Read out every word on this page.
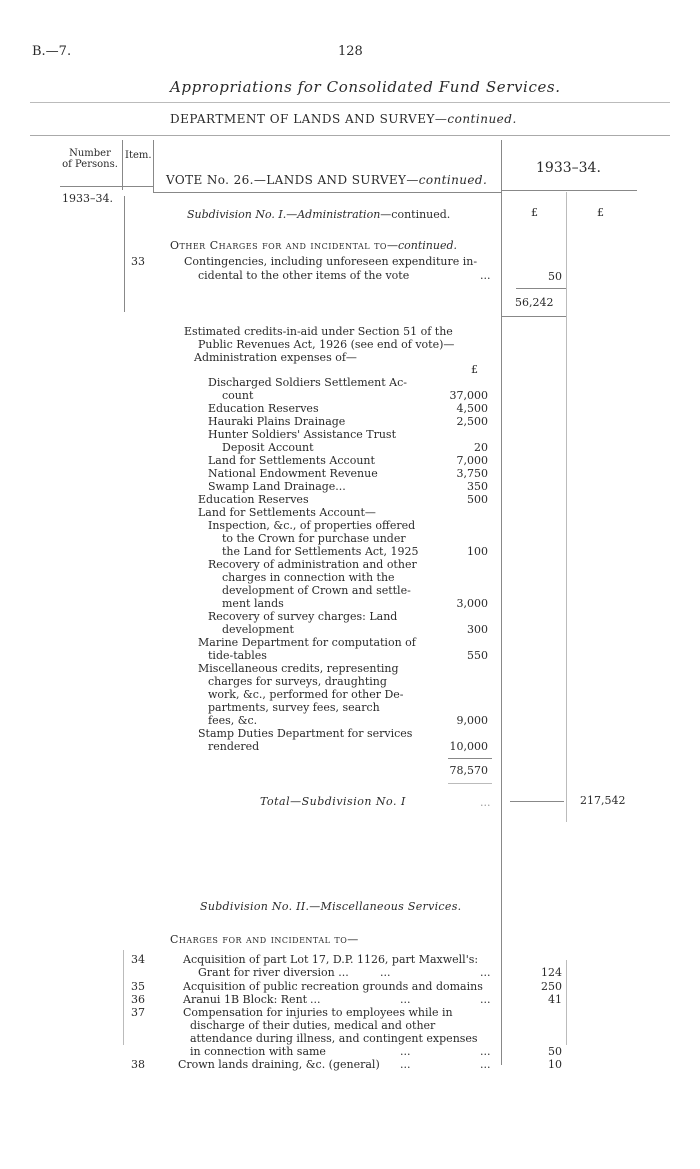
B.—7.	128
Appropriations for Consolidated Fund Services.
DEPARTMENT OF LANDS AND SURVEY—continued.
Number
of Persons.
Item.
1933–34.
VOTE No. 26.—LANDS AND SURVEY—continued.
1933–34.
Subdivision No. I.—Administration—continued.	£	£
Other Charges for and incidental to—continued.
33	Contingencies, including unforeseen expenditure in-
cidental to the other items of the vote	...	50
56,242
Estimated credits-in-aid under Section 51 of the
Public Revenues Act, 1926 (see end of vote)—
Administration expenses of—
£
Discharged Soldiers Settlement Ac-
count	37,000
Education Reserves	4,500
Hauraki Plains Drainage	2,500
Hunter Soldiers' Assistance Trust
Deposit Account	20
Land for Settlements Account	7,000
National Endowment Revenue	3,750
Swamp Land Drainage...	350
Education Reserves	500
Land for Settlements Account—
Inspection, &c., of properties offered
to the Crown for purchase under
the Land for Settlements Act, 1925	100
Recovery of administration and other
charges in connection with the
development of Crown and settle-
ment lands	3,000
Recovery of survey charges: Land
development	300
Marine Department for computation of
tide-tables	550
Miscellaneous credits, representing
charges for surveys, draughting
work, &c., performed for other De-
partments, survey fees, search
fees, &c.	9,000
Stamp Duties Department for services
rendered	10,000
78,570
Total—Subdivision No. I	...	217,542
Subdivision No. II.—Miscellaneous Services.
Charges for and incidental to—
34	Acquisition of part Lot 17, D.P. 1126, part Maxwell's:
Grant for river diversion ...	...	...	124
35	Acquisition of public recreation grounds and domains	250
36	Aranui 1B Block: Rent ...	...	...	41
37	Compensation for injuries to employees while in
discharge of their duties, medical and other
attendance during illness, and contingent expenses
in connection with same	...	...	50
38	Crown lands draining, &c. (general) ...	...	10
